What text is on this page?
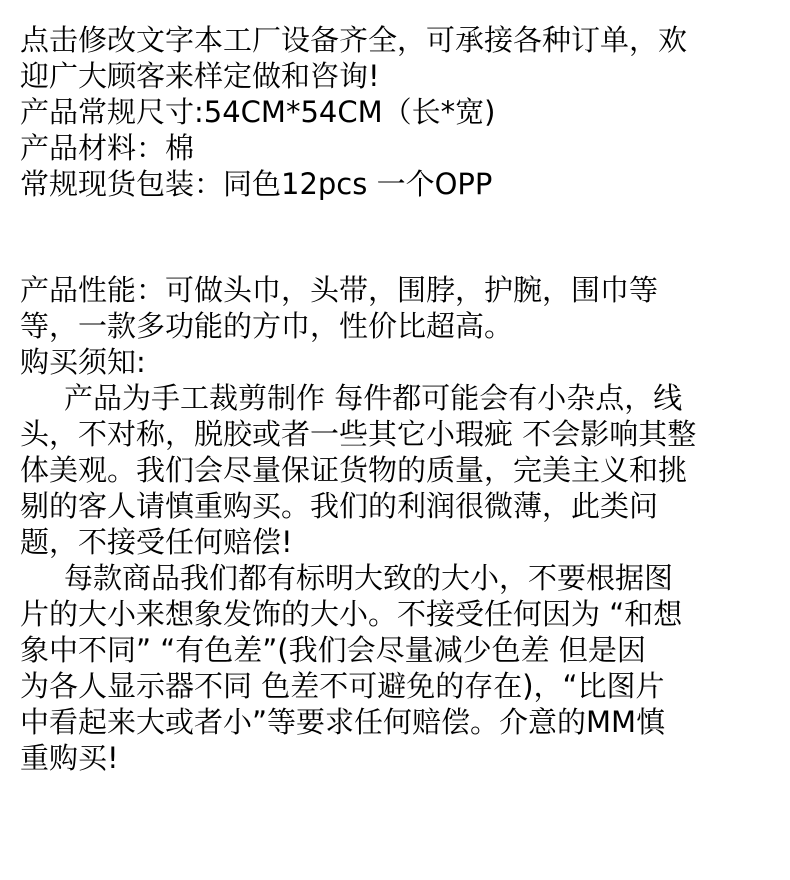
点击修改文字本工厂设备齐全，可承接各种订单，欢
迎广大顾客来样定做和咨询!
产品常规尺寸:54CM*54CM（长*宽)
产品材料：棉
常规现货包装：同色12pcs 一个OPP
产品性能：可做头巾，头带，围脖，护腕，围巾等
等，一款多功能的方巾，性价比超高。
购买须知:
产品为手工裁剪制作 每件都可能会有小杂点，线
头，不对称，脱胶或者一些其它小瑕疵 不会影响其整
体美观。我们会尽量保证货物的质量，完美主义和挑
剔的客人请慎重购买。我们的利润很微薄，此类问
题，不接受任何赔偿!
每款商品我们都有标明大致的大小，不要根据图
片的大小来想象发饰的大小。不接受任何因为 “和想
象中不同” “有色差”(我们会尽量减少色差 但是因
为各人显示器不同 色差不可避免的存在)，“比图片
中看起来大或者小”等要求任何赔偿。介意的MM慎
重购买!
